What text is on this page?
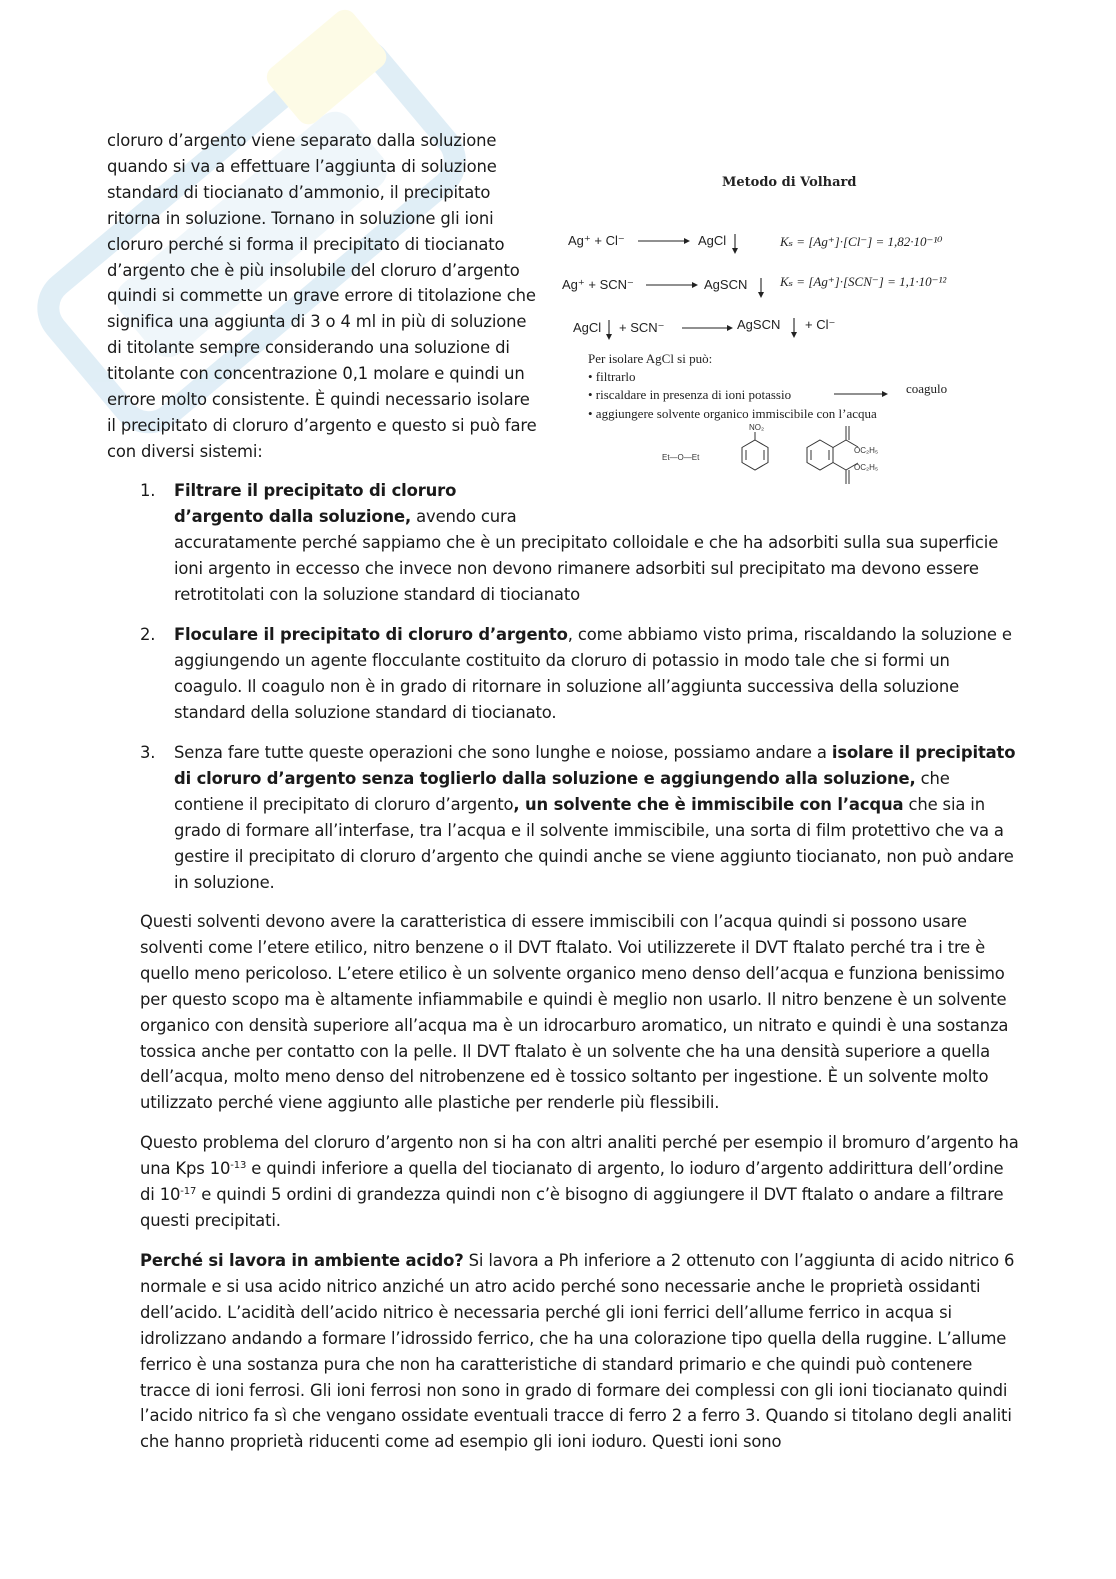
cloruro d’argento viene separato dalla soluzione quando si va a effettuare l’aggiunta di soluzione standard di tiocianato d’ammonio, il precipitato ritorna in soluzione. Tornano in soluzione gli ioni cloruro perché si forma il precipitato di tiocianato d’argento che è più insolubile del cloruro d’argento quindi si commette un grave errore di titolazione che significa una aggiunta di 3 o 4 ml in più di soluzione di titolante sempre considerando una soluzione di titolante con concentrazione 0,1 molare e quindi un errore molto consistente. È quindi necessario isolare il precipitato di cloruro d’argento e questo si può fare con diversi sistemi:
Metodo di Volhard
Ag⁺ + Cl⁻	AgCl	Kₛ = [Ag⁺]·[Cl⁻] = 1,82·10⁻¹⁰
Ag⁺ + SCN⁻	AgSCN	Kₛ = [Ag⁺]·[SCN⁻] = 1,1·10⁻¹²
AgCl + SCN⁻	AgSCN + Cl⁻
Per isolare AgCl si può:
• filtrarlo
• riscaldare in presenza di ioni potassio	coagulo
• aggiungere solvente organico immiscibile con l’acqua
Et—O—Et
NO₂
OC₂H₅
OC₂H₅
Filtrare il precipitato di cloruro d’argento dalla soluzione, avendo cura
accuratamente perché sappiamo che è un precipitato colloidale e che ha adsorbiti sulla sua superficie ioni argento in eccesso che invece non devono rimanere adsorbiti sul precipitato ma devono essere retrotitolati con la soluzione standard di tiocianato
2. Floculare il precipitato di cloruro d’argento, come abbiamo visto prima, riscaldando la soluzione e aggiungendo un agente flocculante costituito da cloruro di potassio in modo tale che si formi un coagulo. Il coagulo non è in grado di ritornare in soluzione all’aggiunta successiva della soluzione standard della soluzione standard di tiocianato.
3. Senza fare tutte queste operazioni che sono lunghe e noiose, possiamo andare a isolare il precipitato di cloruro d’argento senza toglierlo dalla soluzione e aggiungendo alla soluzione, che contiene il precipitato di cloruro d’argento, un solvente che è immiscibile con l’acqua che sia in grado di formare all’interfase, tra l’acqua e il solvente immiscibile, una sorta di film protettivo che va a gestire il precipitato di cloruro d’argento che quindi anche se viene aggiunto tiocianato, non può andare in soluzione.

Questi solventi devono avere la caratteristica di essere immiscibili con l’acqua quindi si possono usare solventi come l’etere etilico, nitro benzene o il DVT ftalato. Voi utilizzerete il DVT ftalato perché tra i tre è quello meno pericoloso. L’etere etilico è un solvente organico meno denso dell’acqua e funziona benissimo per questo scopo ma è altamente infiammabile e quindi è meglio non usarlo. Il nitro benzene è un solvente organico con densità superiore all’acqua ma è un idrocarburo aromatico, un nitrato e quindi è una sostanza tossica anche per contatto con la pelle. Il DVT ftalato è un solvente che ha una densità superiore a quella dell’acqua, molto meno denso del nitrobenzene ed è tossico soltanto per ingestione. È un solvente molto utilizzato perché viene aggiunto alle plastiche per renderle più flessibili.

Questo problema del cloruro d’argento non si ha con altri analiti perché per esempio il bromuro d’argento ha una Kps $10^{-13}$ e quindi inferiore a quella del tiocianato di argento, lo ioduro d’argento addirittura dell’ordine di $10^{-17}$ e quindi 5 ordini di grandezza quindi non c’è bisogno di aggiungere il DVT ftalato o andare a filtrare questi precipitati.

Perché si lavora in ambiente acido? Si lavora a Ph inferiore a 2 ottenuto con l’aggiunta di acido nitrico 6 normale e si usa acido nitrico anziché un atro acido perché sono necessarie anche le proprietà ossidanti dell’acido. L’acidità dell’acido nitrico è necessaria perché gli ioni ferrici dell’allume ferrico in acqua si idrolizzano andando a formare l’idrossido ferrico, che ha una colorazione tipo quella della ruggine. L’allume ferrico è una sostanza pura che non ha caratteristiche di standard primario e che quindi può contenere tracce di ioni ferrosi. Gli ioni ferrosi non sono in grado di formare dei complessi con gli ioni tiocianato quindi l’acido nitrico fa sì che vengano ossidate eventuali tracce di ferro 2 a ferro 3. Quando si titolano degli analiti che hanno proprietà riducenti come ad esempio gli ioni ioduro. Questi ioni sono

1.
